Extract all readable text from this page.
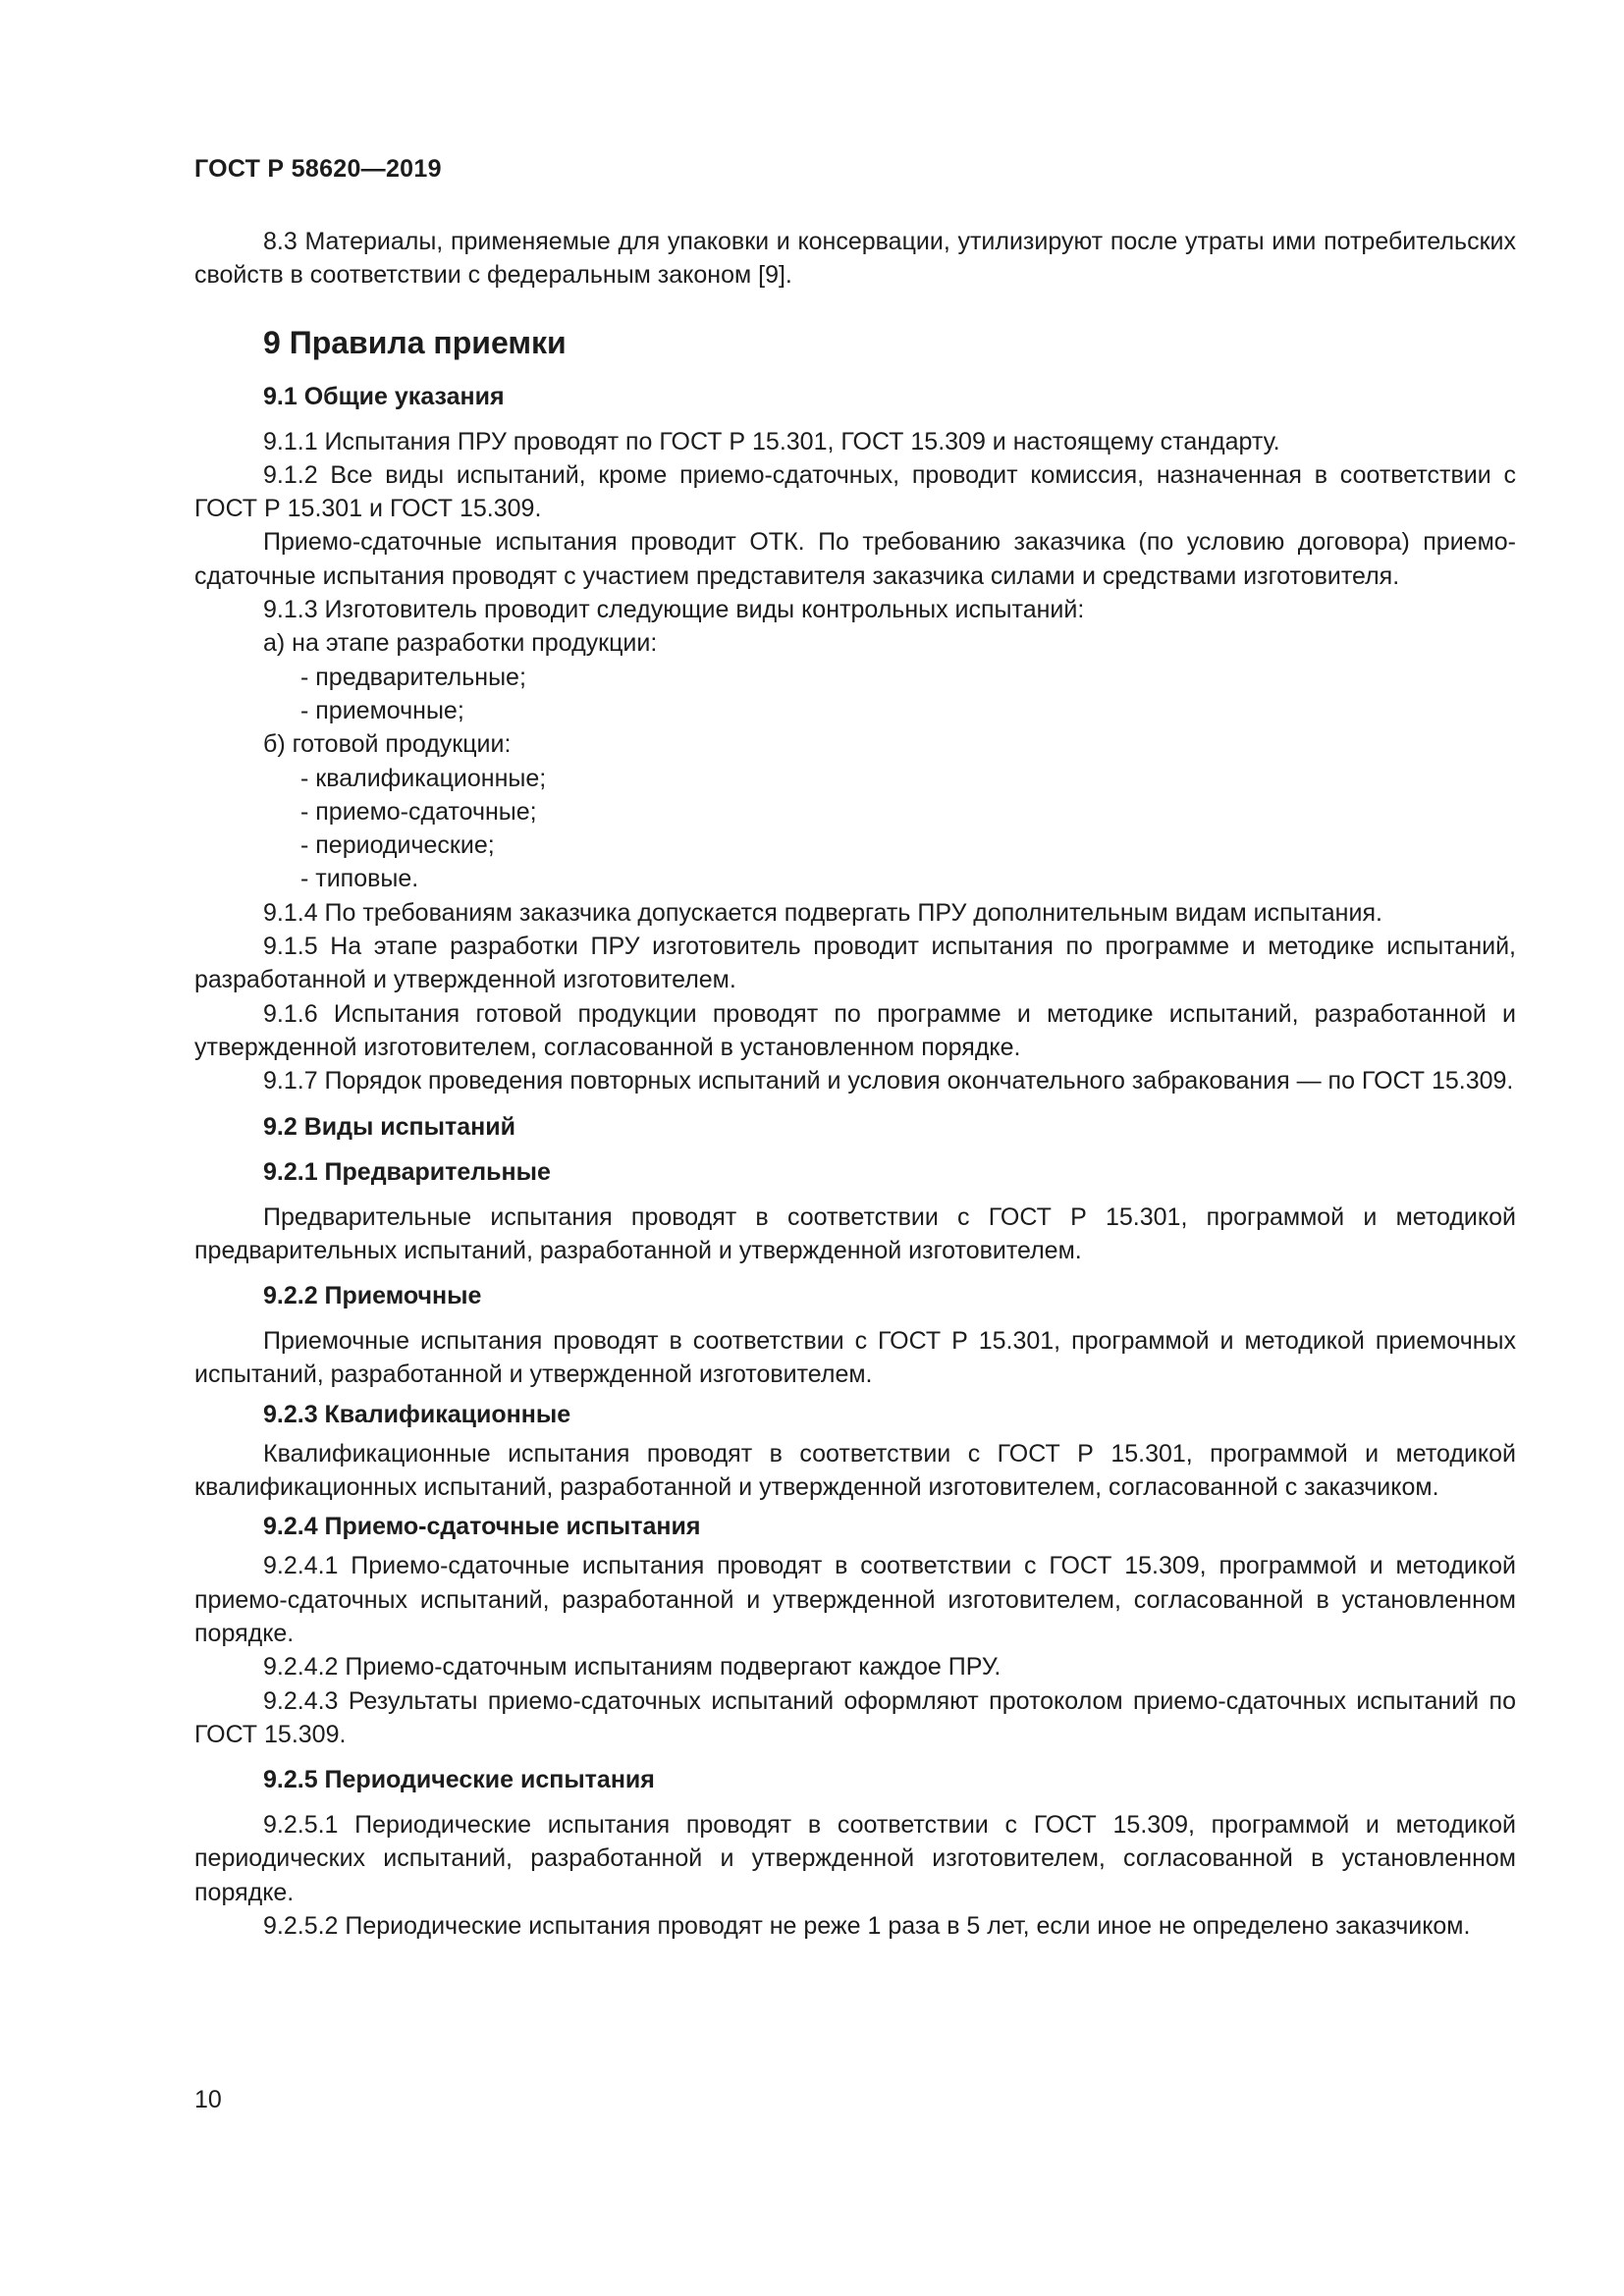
ГОСТ Р 58620—2019

8.3 Материалы, применяемые для упаковки и консервации, утилизируют после утраты ими потребительских свойств в соответствии с федеральным законом [9].

9 Правила приемки
9.1 Общие указания

9.1.1 Испытания ПРУ проводят по ГОСТ Р 15.301, ГОСТ 15.309 и настоящему стандарту.

9.1.2 Все виды испытаний, кроме приемо-сдаточных, проводит комиссия, назначенная в соответствии с ГОСТ Р 15.301 и ГОСТ 15.309.

Приемо-сдаточные испытания проводит ОТК. По требованию заказчика (по условию договора) приемо-сдаточные испытания проводят с участием представителя заказчика силами и средствами изготовителя.

9.1.3 Изготовитель проводит следующие виды контрольных испытаний:

а) на этапе разработки продукции:

- предварительные;

- приемочные;

б) готовой продукции:

- квалификационные;

- приемо-сдаточные;

- периодические;

- типовые.

9.1.4 По требованиям заказчика допускается подвергать ПРУ дополнительным видам испытания.

9.1.5 На этапе разработки ПРУ изготовитель проводит испытания по программе и методике испытаний, разработанной и утвержденной изготовителем.

9.1.6 Испытания готовой продукции проводят по программе и методике испытаний, разработанной и утвержденной изготовителем, согласованной в установленном порядке.

9.1.7 Порядок проведения повторных испытаний и условия окончательного забракования — по ГОСТ 15.309.

9.2 Виды испытаний
9.2.1 Предварительные

Предварительные испытания проводят в соответствии с ГОСТ Р 15.301, программой и методикой предварительных испытаний, разработанной и утвержденной изготовителем.

9.2.2 Приемочные

Приемочные испытания проводят в соответствии с ГОСТ Р 15.301, программой и методикой приемочных испытаний, разработанной и утвержденной изготовителем.

9.2.3 Квалификационные

Квалификационные испытания проводят в соответствии с ГОСТ Р 15.301, программой и методикой квалификационных испытаний, разработанной и утвержденной изготовителем, согласованной с заказчиком.

9.2.4 Приемо-сдаточные испытания

9.2.4.1 Приемо-сдаточные испытания проводят в соответствии с ГОСТ 15.309, программой и методикой приемо-сдаточных испытаний, разработанной и утвержденной изготовителем, согласованной в установленном порядке.

9.2.4.2 Приемо-сдаточным испытаниям подвергают каждое ПРУ.

9.2.4.3 Результаты приемо-сдаточных испытаний оформляют протоколом приемо-сдаточных испытаний по ГОСТ 15.309.

9.2.5 Периодические испытания

9.2.5.1 Периодические испытания проводят в соответствии с ГОСТ 15.309, программой и методикой периодических испытаний, разработанной и утвержденной изготовителем, согласованной в установленном порядке.

9.2.5.2 Периодические испытания проводят не реже 1 раза в 5 лет, если иное не определено заказчиком.

10
